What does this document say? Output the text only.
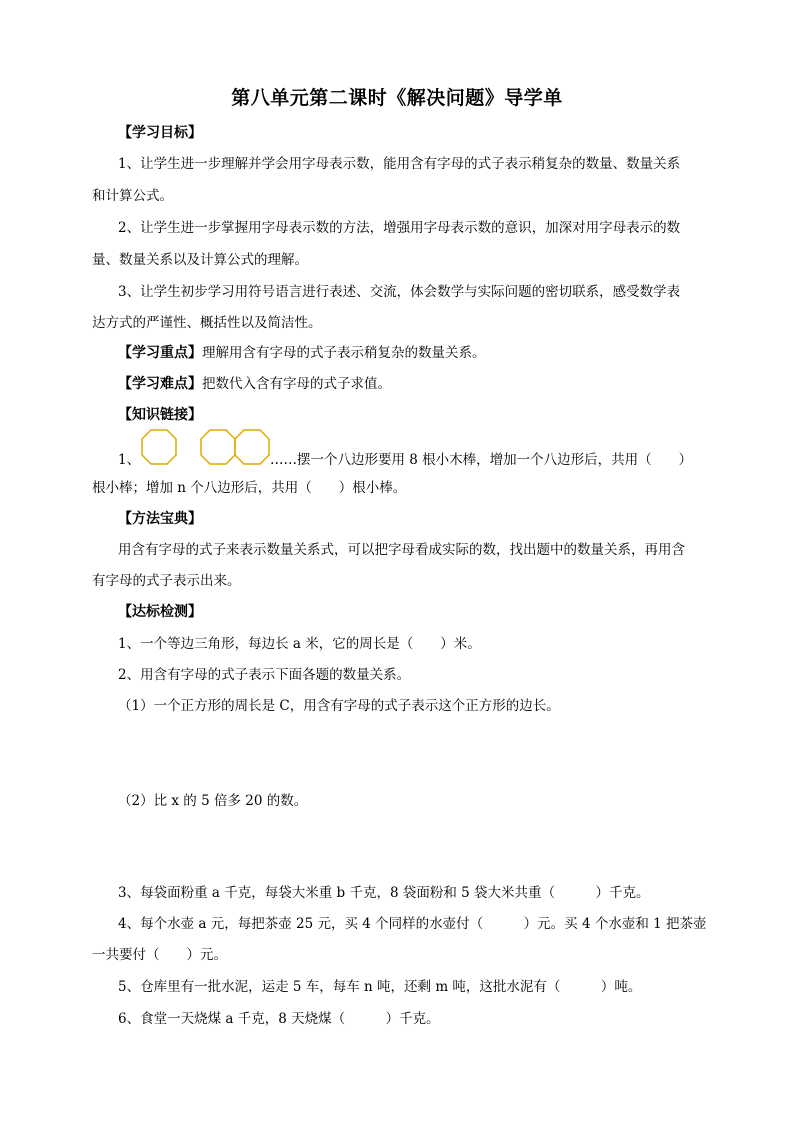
第八单元第二课时《解决问题》导学单
【学习目标】
1、让学生进一步理解并学会用字母表示数，能用含有字母的式子表示稍复杂的数量、数量关系
和计算公式。
2、让学生进一步掌握用字母表示数的方法，增强用字母表示数的意识，加深对用字母表示的数
量、数量关系以及计算公式的理解。
3、让学生初步学习用符号语言进行表述、交流，体会数学与实际问题的密切联系，感受数学表
达方式的严谨性、概括性以及简洁性。
【学习重点】理解用含有字母的式子表示稍复杂的数量关系。
【学习难点】把数代入含有字母的式子求值。
【知识链接】
1、	……摆一个八边形要用 8 根小木棒，增加一个八边形后，共用（　　）
根小棒；增加 n 个八边形后，共用（　　）根小棒。
【方法宝典】
用含有字母的式子来表示数量关系式，可以把字母看成实际的数，找出题中的数量关系，再用含
有字母的式子表示出来。
【达标检测】
1、一个等边三角形，每边长 a 米，它的周长是（　　）米。
2、用含有字母的式子表示下面各题的数量关系。
（1）一个正方形的周长是 C，用含有字母的式子表示这个正方形的边长。
（2）比 x 的 5 倍多 20 的数。
3、每袋面粉重 a 千克，每袋大米重 b 千克，8 袋面粉和 5 袋大米共重（　　　）千克。
4、每个水壶 a 元，每把茶壶 25 元，买 4 个同样的水壶付（　　　）元。买 4 个水壶和 1 把茶壶
一共要付（　　）元。
5、仓库里有一批水泥，运走 5 车，每车 n 吨，还剩 m 吨，这批水泥有（　　　）吨。
6、食堂一天烧煤 a 千克，8 天烧煤（　　　）千克。
